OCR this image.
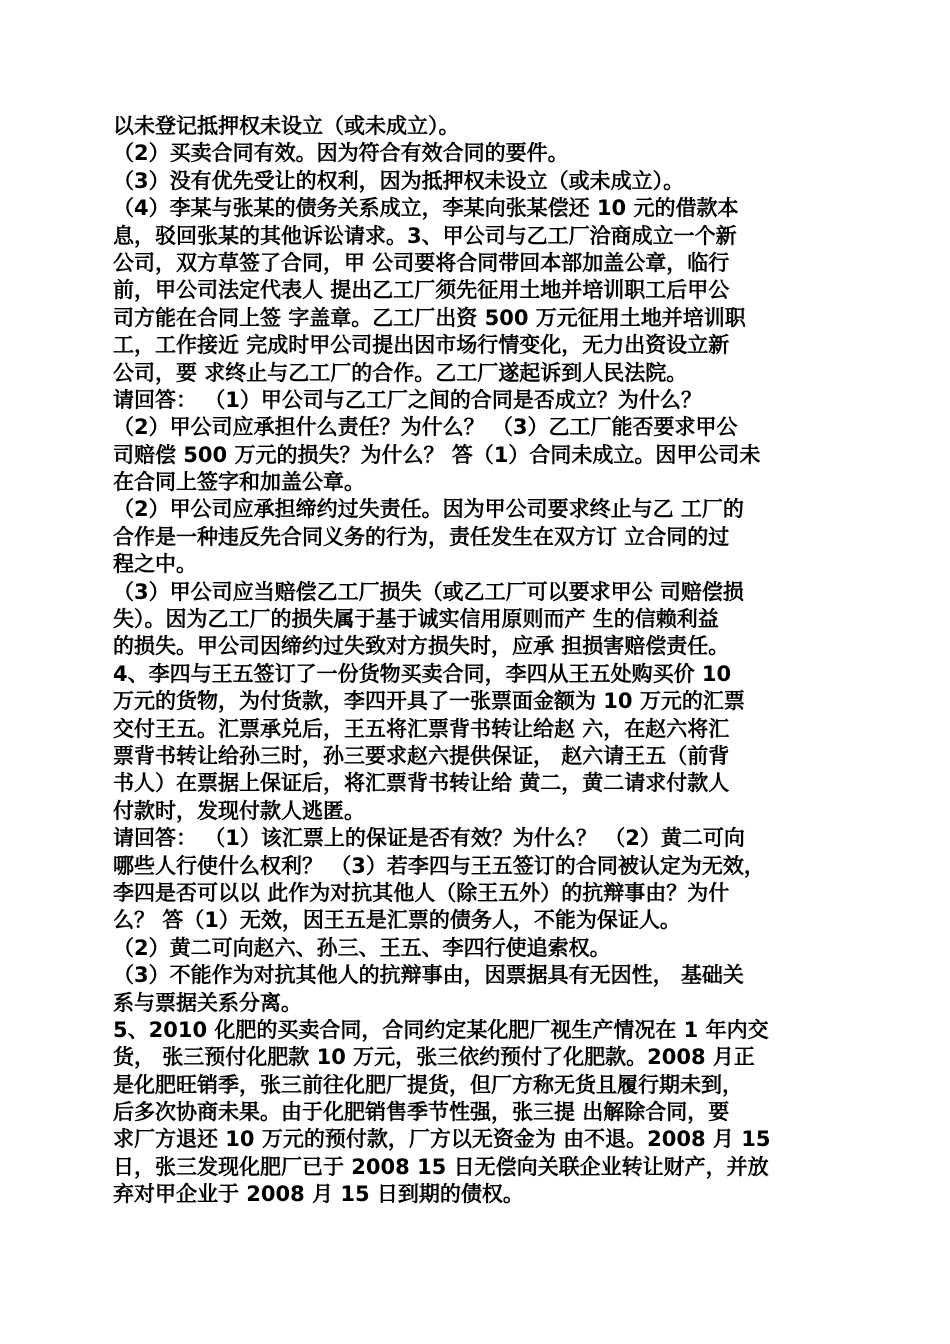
以未登记抵押权未设立（或未成立）。
（2）买卖合同有效。因为符合有效合同的要件。
（3）没有优先受让的权利，因为抵押权未设立（或未成立）。
（4）李某与张某的债务关系成立，李某向张某偿还 10 元的借款本
息，驳回张某的其他诉讼请求。3、甲公司与乙工厂洽商成立一个新
公司，双方草签了合同，甲 公司要将合同带回本部加盖公章，临行
前，甲公司法定代表人 提出乙工厂须先征用土地并培训职工后甲公
司方能在合同上签 字盖章。乙工厂出资 500 万元征用土地并培训职
工，工作接近 完成时甲公司提出因市场行情变化，无力出资设立新
公司，要 求终止与乙工厂的合作。乙工厂遂起诉到人民法院。
请回答： （1）甲公司与乙工厂之间的合同是否成立？为什么？
（2）甲公司应承担什么责任？为什么？ （3）乙工厂能否要求甲公
司赔偿 500 万元的损失？为什么？ 答（1）合同未成立。因甲公司未
在合同上签字和加盖公章。
（2）甲公司应承担缔约过失责任。因为甲公司要求终止与乙 工厂的
合作是一种违反先合同义务的行为，责任发生在双方订 立合同的过
程之中。
（3）甲公司应当赔偿乙工厂损失（或乙工厂可以要求甲公 司赔偿损
失）。因为乙工厂的损失属于基于诚实信用原则而产 生的信赖利益
的损失。甲公司因缔约过失致对方损失时，应承 担损害赔偿责任。
4、李四与王五签订了一份货物买卖合同，李四从王五处购买价 10
万元的货物，为付货款，李四开具了一张票面金额为 10 万元的汇票
交付王五。汇票承兑后，王五将汇票背书转让给赵 六，在赵六将汇
票背书转让给孙三时，孙三要求赵六提供保证， 赵六请王五（前背
书人）在票据上保证后，将汇票背书转让给 黄二，黄二请求付款人
付款时，发现付款人逃匿。
请回答： （1）该汇票上的保证是否有效？为什么？ （2）黄二可向
哪些人行使什么权利？ （3）若李四与王五签订的合同被认定为无效，
李四是否可以以 此作为对抗其他人（除王五外）的抗辩事由？为什
么？ 答（1）无效，因王五是汇票的债务人，不能为保证人。
（2）黄二可向赵六、孙三、王五、李四行使追索权。
（3）不能作为对抗其他人的抗辩事由，因票据具有无因性， 基础关
系与票据关系分离。
5、2010 化肥的买卖合同，合同约定某化肥厂视生产情况在 1 年内交
货， 张三预付化肥款 10 万元，张三依约预付了化肥款。2008 月正
是化肥旺销季，张三前往化肥厂提货，但厂方称无货且履行期未到，
后多次协商未果。由于化肥销售季节性强，张三提 出解除合同，要
求厂方退还 10 万元的预付款，厂方以无资金为 由不退。2008 月 15
日，张三发现化肥厂已于 2008 15 日无偿向关联企业转让财产，并放
弃对甲企业于 2008 月 15 日到期的债权。
